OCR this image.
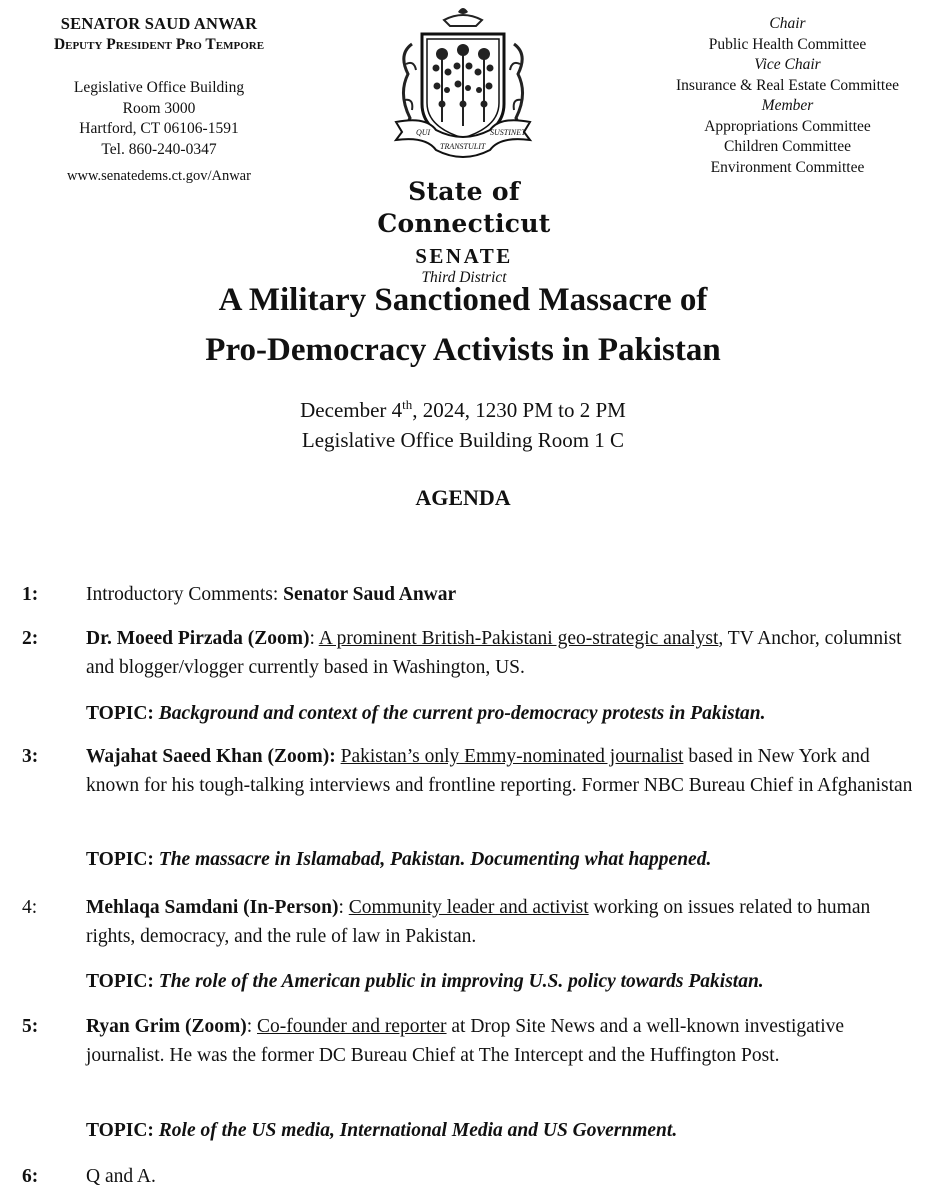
SENATOR SAUD ANWAR
Deputy President Pro Tempore
Legislative Office Building
Room 3000
Hartford, CT 06106-1591
Tel. 860-240-0347
www.senatedems.ct.gov/Anwar
QUI
TRANSTULIT
SUSTINET
State of Connecticut
SENATE
Third District
Chair
Public Health Committee
Vice Chair
Insurance & Real Estate Committee
Member
Appropriations Committee
Children Committee
Environment Committee
A Military Sanctioned Massacre of
Pro-Democracy Activists in Pakistan
December 4th, 2024, 1230 PM to 2 PM
Legislative Office Building Room 1 C
AGENDA
1: Introductory Comments: Senator Saud Anwar
2: Dr. Moeed Pirzada (Zoom): A prominent British-Pakistani geo-strategic analyst, TV Anchor, columnist and blogger/vlogger currently based in Washington, US.
TOPIC: Background and context of the current pro-democracy protests in Pakistan.
3: Wajahat Saeed Khan (Zoom): Pakistan’s only Emmy-nominated journalist based in New York and known for his tough-talking interviews and frontline reporting. Former NBC Bureau Chief in Afghanistan
TOPIC: The massacre in Islamabad, Pakistan. Documenting what happened.
4:	Mehlaqa Samdani (In-Person): Community leader and activist working on issues related to human rights, democracy, and the rule of law in Pakistan.
TOPIC: The role of the American public in improving U.S. policy towards Pakistan.
5: Ryan Grim (Zoom): Co-founder and reporter at Drop Site News and a well-known investigative journalist. He was the former DC Bureau Chief at The Intercept and the Huffington Post.
TOPIC: Role of the US media, International Media and US Government.
6: Q and A.
